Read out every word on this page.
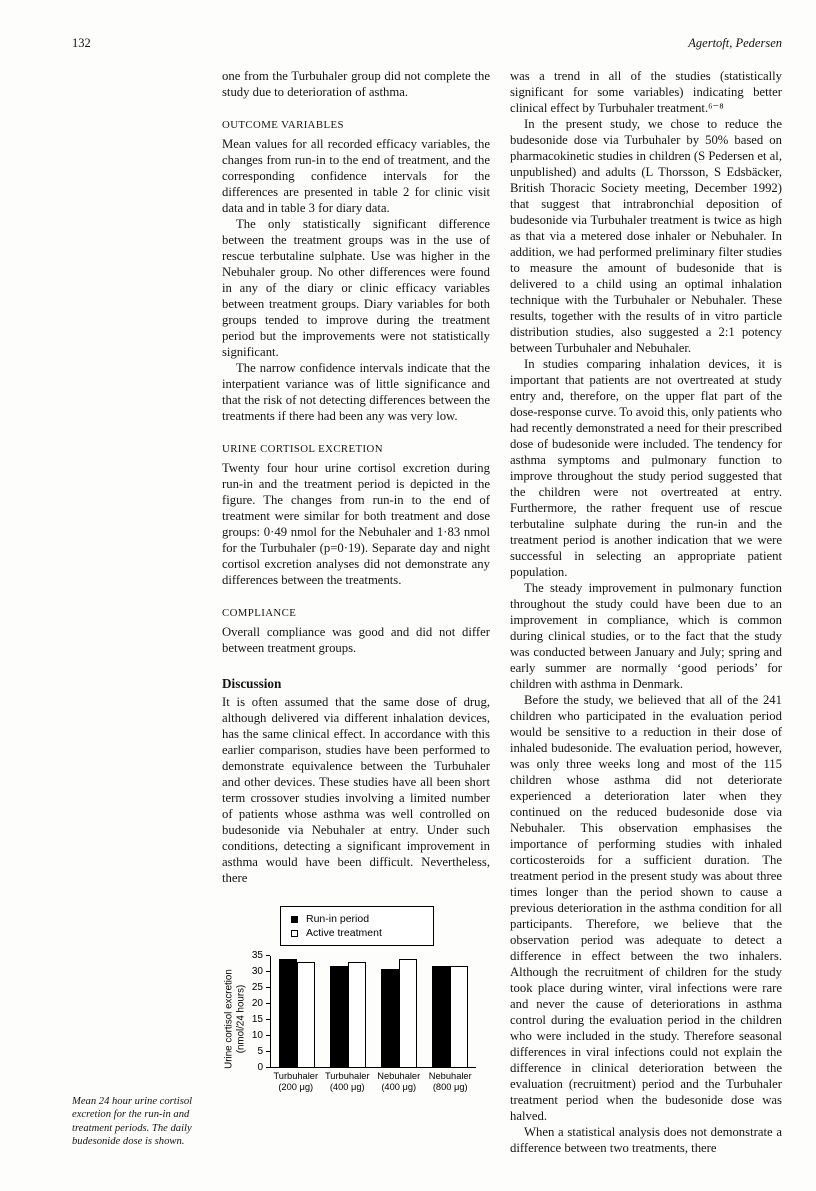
132	Agertoft, Pedersen

Mean 24 hour urine cortisol excretion for the run-in and treatment periods. The daily budesonide dose is shown.

one from the Turbuhaler group did not complete the study due to deterioration of asthma.

OUTCOME VARIABLES

Mean values for all recorded efficacy variables, the changes from run-in to the end of treatment, and the corresponding confidence intervals for the differences are presented in table 2 for clinic visit data and in table 3 for diary data.

The only statistically significant difference between the treatment groups was in the use of rescue terbutaline sulphate. Use was higher in the Nebuhaler group. No other differences were found in any of the diary or clinic efficacy variables between treatment groups. Diary variables for both groups tended to improve during the treatment period but the improvements were not statistically significant.

The narrow confidence intervals indicate that the interpatient variance was of little significance and that the risk of not detecting differences between the treatments if there had been any was very low.

URINE CORTISOL EXCRETION

Twenty four hour urine cortisol excretion during run-in and the treatment period is depicted in the figure. The changes from run-in to the end of treatment were similar for both treatment and dose groups: 0·49 nmol for the Nebuhaler and 1·83 nmol for the Turbuhaler (p=0·19). Separate day and night cortisol excretion analyses did not demonstrate any differences between the treatments.

COMPLIANCE

Overall compliance was good and did not differ between treatment groups.

Discussion

It is often assumed that the same dose of drug, although delivered via different inhalation devices, has the same clinical effect. In accordance with this earlier comparison, studies have been performed to demonstrate equivalence between the Turbuhaler and other devices. These studies have all been short term crossover studies involving a limited number of patients whose asthma was well controlled on budesonide via Nebuhaler at entry. Under such conditions, detecting a significant improvement in asthma would have been difficult. Nevertheless, there

Run-in period
Active treatment
Urine cortisol excretion (nmol/24 hours)
0
5
10
15
20
25
30
35
Turbuhaler
(200 μg)
Turbuhaler
(400 μg)
Nebuhaler
(400 μg)
Nebuhaler
(800 μg)

was a trend in all of the studies (statistically significant for some variables) indicating better clinical effect by Turbuhaler treatment.⁶⁻⁸

In the present study, we chose to reduce the budesonide dose via Turbuhaler by 50% based on pharmacokinetic studies in children (S Pedersen et al, unpublished) and adults (L Thorsson, S Edsbäcker, British Thoracic Society meeting, December 1992) that suggest that intrabronchial deposition of budesonide via Turbuhaler treatment is twice as high as that via a metered dose inhaler or Nebuhaler. In addition, we had performed preliminary filter studies to measure the amount of budesonide that is delivered to a child using an optimal inhalation technique with the Turbuhaler or Nebuhaler. These results, together with the results of in vitro particle distribution studies, also suggested a 2:1 potency between Turbuhaler and Nebuhaler.

In studies comparing inhalation devices, it is important that patients are not overtreated at study entry and, therefore, on the upper flat part of the dose-response curve. To avoid this, only patients who had recently demonstrated a need for their prescribed dose of budesonide were included. The tendency for asthma symptoms and pulmonary function to improve throughout the study period suggested that the children were not overtreated at entry. Furthermore, the rather frequent use of rescue terbutaline sulphate during the run-in and the treatment period is another indication that we were successful in selecting an appropriate patient population.

The steady improvement in pulmonary function throughout the study could have been due to an improvement in compliance, which is common during clinical studies, or to the fact that the study was conducted between January and July; spring and early summer are normally ‘good periods’ for children with asthma in Denmark.

Before the study, we believed that all of the 241 children who participated in the evaluation period would be sensitive to a reduction in their dose of inhaled budesonide. The evaluation period, however, was only three weeks long and most of the 115 children whose asthma did not deteriorate experienced a deterioration later when they continued on the reduced budesonide dose via Nebuhaler. This observation emphasises the importance of performing studies with inhaled corticosteroids for a sufficient duration. The treatment period in the present study was about three times longer than the period shown to cause a previous deterioration in the asthma condition for all participants. Therefore, we believe that the observation period was adequate to detect a difference in effect between the two inhalers. Although the recruitment of children for the study took place during winter, viral infections were rare and never the cause of deteriorations in asthma control during the evaluation period in the children who were included in the study. Therefore seasonal differences in viral infections could not explain the difference in clinical deterioration between the evaluation (recruitment) period and the Turbuhaler treatment period when the budesonide dose was halved.

When a statistical analysis does not demonstrate a difference between two treatments, there
